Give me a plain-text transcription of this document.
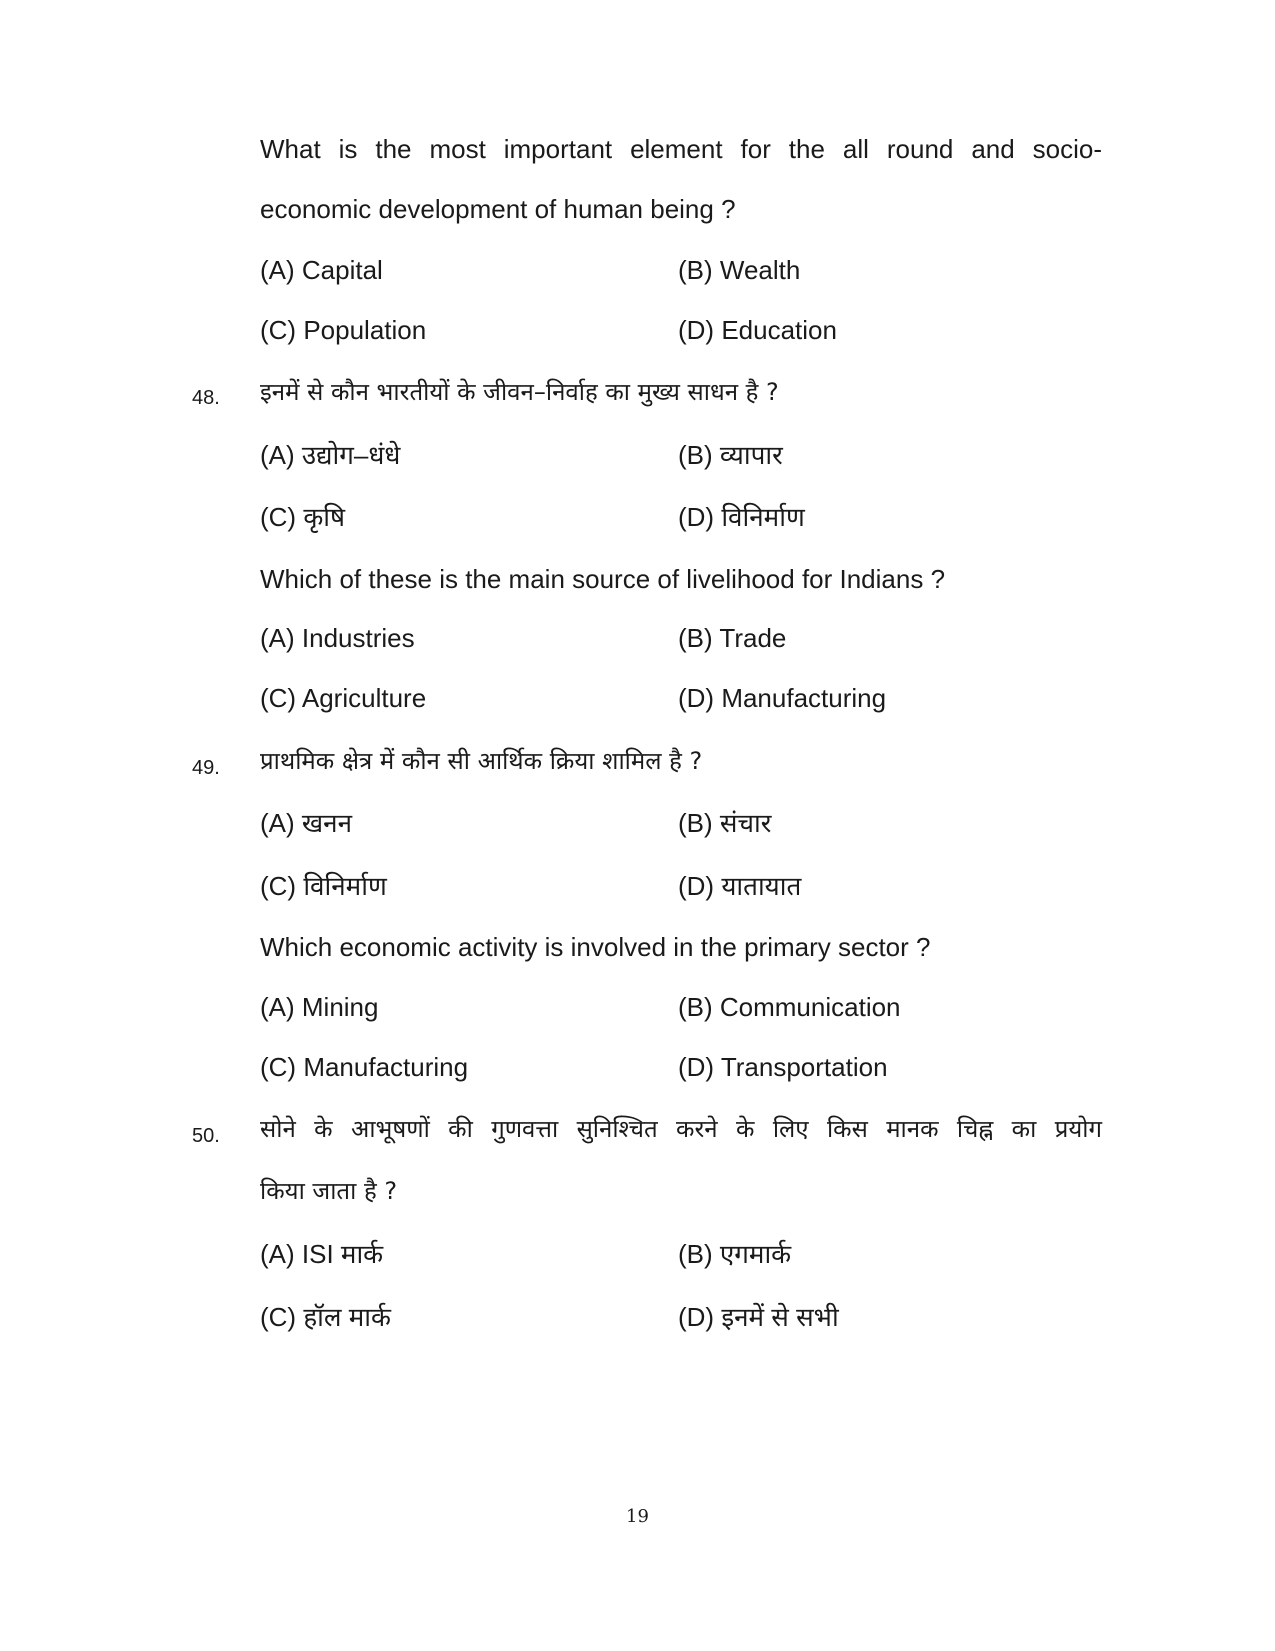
What is the most important element for the all round and socio-
economic development of human being ?
(A) Capital	(B) Wealth
(C) Population	(D) Education
48. इनमें से कौन भारतीयों के जीवन–निर्वाह का मुख्य साधन है ?
(A) उद्योग–धंधे	(B) व्यापार
(C) कृषि	(D) विनिर्माण
Which of these is the main source of livelihood for Indians ?
(A) Industries	(B) Trade
(C) Agriculture	(D) Manufacturing
49. प्राथमिक क्षेत्र में कौन सी आर्थिक क्रिया शामिल है ?
(A) खनन	(B) संचार
(C) विनिर्माण	(D) यातायात
Which economic activity is involved in the primary sector ?
(A) Mining	(B) Communication
(C) Manufacturing	(D) Transportation
50. सोने के आभूषणों की गुणवत्ता सुनिश्चित करने के लिए किस मानक चिह्न का प्रयोग
किया जाता है ?
(A) ISI मार्क	(B) एगमार्क
(C) हॉल मार्क	(D) इनमें से सभी
19
